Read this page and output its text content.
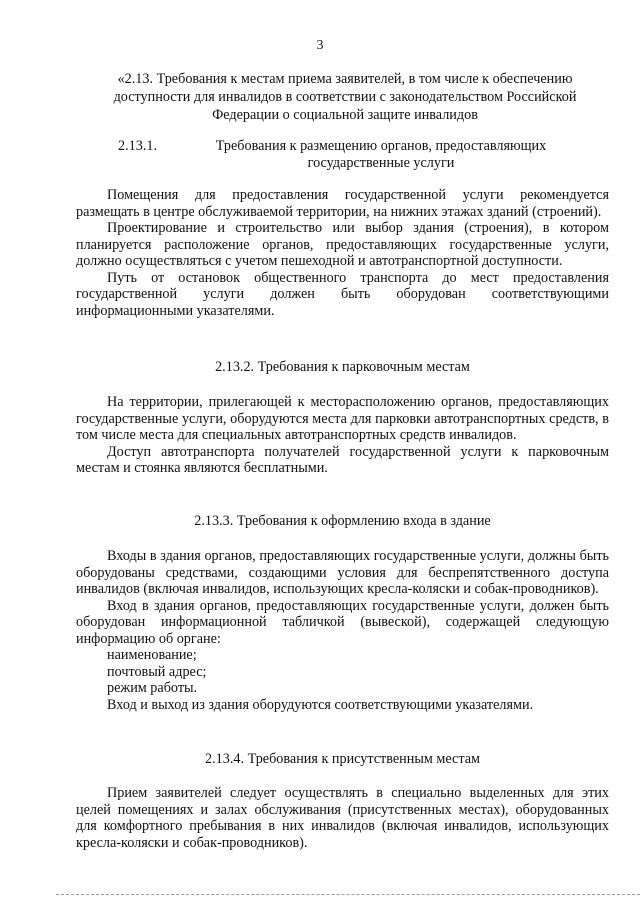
3
«2.13. Требования к местам приема заявителей, в том числе к обеспечению доступности для инвалидов в соответствии с законодательством Российской Федерации о социальной защите инвалидов
2.13.1.	Требования к размещению органов, предоставляющих государственные услуги

Помещения для предоставления государственной услуги рекомендуется размещать в центре обслуживаемой территории, на нижних этажах зданий (строений).

Проектирование и строительство или выбор здания (строения), в котором планируется расположение органов, предоставляющих государственные услуги, должно осуществляться с учетом пешеходной и автотранспортной доступности.

Путь от остановок общественного транспорта до мест предоставления государственной услуги должен быть оборудован соответствующими информационными указателями.

2.13.2. Требования к парковочным местам

На территории, прилегающей к месторасположению органов, предоставляющих государственные услуги, оборудуются места для парковки автотранспортных средств, в том числе места для специальных автотранспортных средств инвалидов.

Доступ автотранспорта получателей государственной услуги к парковочным местам и стоянка являются бесплатными.

2.13.3. Требования к оформлению входа в здание

Входы в здания органов, предоставляющих государственные услуги, должны быть оборудованы средствами, создающими условия для беспрепятственного доступа инвалидов (включая инвалидов, использующих кресла-коляски и собак-проводников).

Вход в здания органов, предоставляющих государственные услуги, должен быть оборудован информационной табличкой (вывеской), содержащей следующую информацию об органе:

наименование;

почтовый адрес;

режим работы.

Вход и выход из здания оборудуются соответствующими указателями.

2.13.4. Требования к присутственным местам

Прием заявителей следует осуществлять в специально выделенных для этих целей помещениях и залах обслуживания (присутственных местах), оборудованных для комфортного пребывания в них инвалидов (включая инвалидов, использующих кресла-коляски и собак-проводников).
